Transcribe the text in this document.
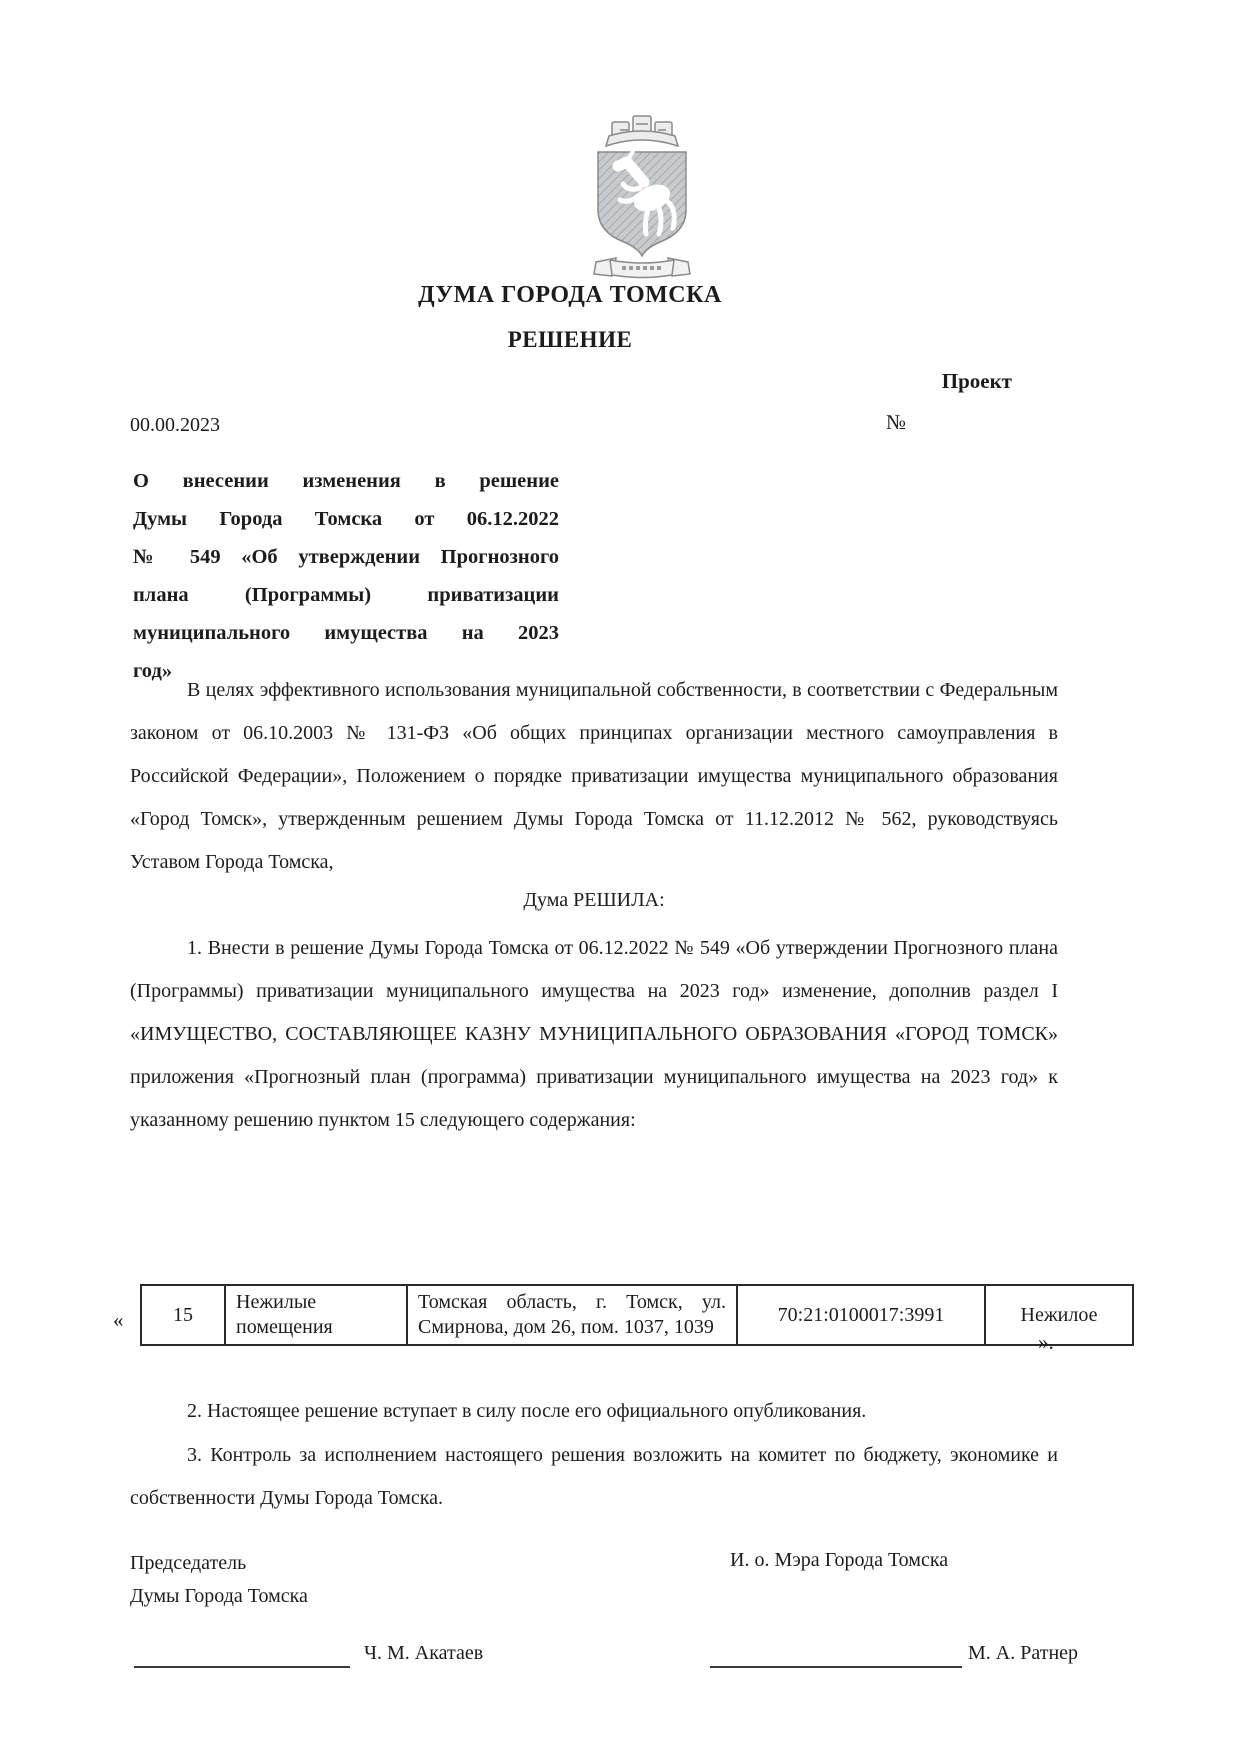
ДУМА ГОРОДА ТОМСКА
РЕШЕНИЕ
Проект
00.00.2023	№
О внесении изменения в решение
Думы Города Томска от 06.12.2022
№ 549 «Об утверждении Прогнозного
плана (Программы) приватизации
муниципального имущества на 2023
год»
В целях эффективного использования муниципальной собственности, в соответствии с Федеральным законом от 06.10.2003 № 131-ФЗ «Об общих принципах организации местного самоуправления в Российской Федерации», Положением о порядке приватизации имущества муниципального образования «Город Томск», утвержденным решением Думы Города Томска от 11.12.2012 № 562, руководствуясь Уставом Города Томска,
Дума РЕШИЛА:
1. Внести в решение Думы Города Томска от 06.12.2022 № 549 «Об утверждении Прогнозного плана (Программы) приватизации муниципального имущества на 2023 год» изменение, дополнив раздел I «ИМУЩЕСТВО, СОСТАВЛЯЮЩЕЕ КАЗНУ МУНИЦИПАЛЬНОГО ОБРАЗОВАНИЯ «ГОРОД ТОМСК» приложения «Прогнозный план (программа) приватизации муниципального имущества на 2023 год» к указанному решению пунктом 15 следующего содержания:
« 15	Нежилые помещения	Томская область, г. Томск, ул. Смирнова, дом 26, пом. 1037, 1039	70:21:0100017:3991	Нежилое
».
2. Настоящее решение вступает в силу после его официального опубликования.
3. Контроль за исполнением настоящего решения возложить на комитет по бюджету, экономике и собственности Думы Города Томска.
Председатель
Думы Города Томска
И. о. Мэра Города Томска
Ч. М. Акатаев	М. А. Ратнер
